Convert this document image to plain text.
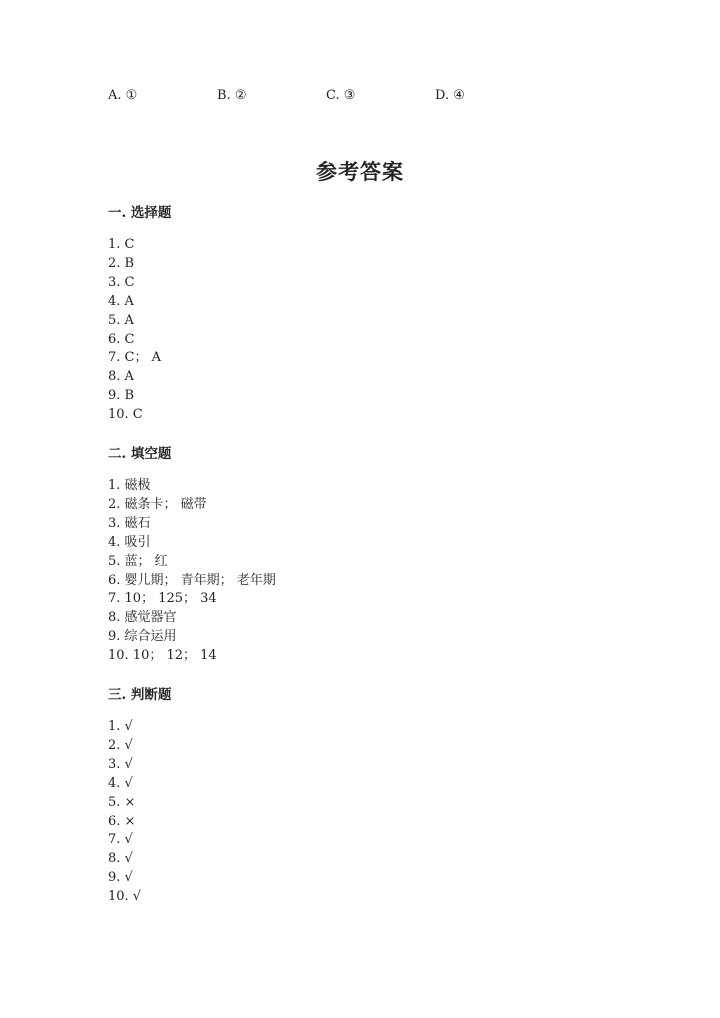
A. ①	B. ②	C. ③	D. ④
参考答案
一. 选择题
1. C
2. B
3. C
4. A
5. A
6. C
7. C； A
8. A
9. B
10. C
二. 填空题
1. 磁极
2. 磁条卡； 磁带
3. 磁石
4. 吸引
5. 蓝； 红
6. 婴儿期； 青年期； 老年期
7. 10； 125； 34
8. 感觉器官
9. 综合运用
10. 10； 12； 14
三. 判断题
1. √
2. √
3. √
4. √
5. ×
6. ×
7. √
8. √
9. √
10. √
